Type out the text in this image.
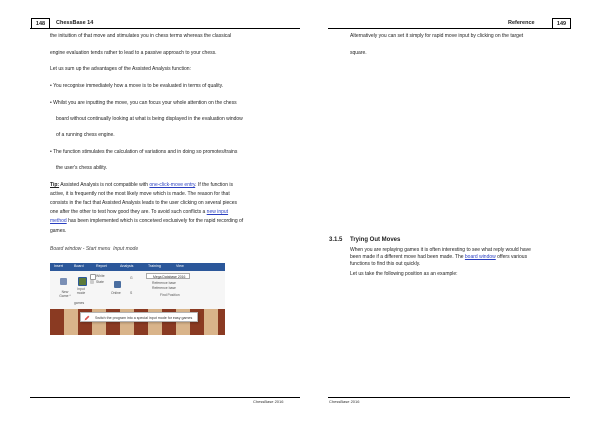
148	ChessBase 14	Reference	149
the inituition of that move and stimulates you in chess terms whereas the classical
engine evaluation tends rather to lead to a passive approach to your chess.
Let us sum up the advantages of the Assisted Analysis function:
• You recognise immediately how a move is to be evaluated in terms of quality.
• Whilst you are inputting the move, you can focus your whole attention on the chess
board without continually looking at what is being displayed in the evaluation window
of a running chess engine.
• The function stimulates the calculation of variations and in doing so promotes/trains
the user's chess ability.
Tip: Assisted Analysis is not compatible with one-click-move entry. If the function is
active, it is frequently not the most likely move which is made. The reason for that
consists in the fact that Assisted Analysis leads to the user clicking on several pieces
one after the other to test how good they are. To avoid such conflicts a new input
method has been implemented which is conceived exclusively for the rapid recording of
games.
Board window - Start menu  Input mode
Insert	Board	Report	Analysis	Training	View
White
State
New Game *
Input mode
games
Online	S
G	Mega Database 2016
Reference base
Reference base
Find Position
Switch the program into a special input mode for easy games
ChessBase 2016
Alternatively you can set it simply for rapid move input by clicking on the target
square.
3.1.5 Trying Out Moves
When you are replaying games it is often interesting to see what reply would have
been made if a different move had been made. The board window offers various
functions to find this out quickly.
Let us take the following position as an example:
ChessBase 2016
